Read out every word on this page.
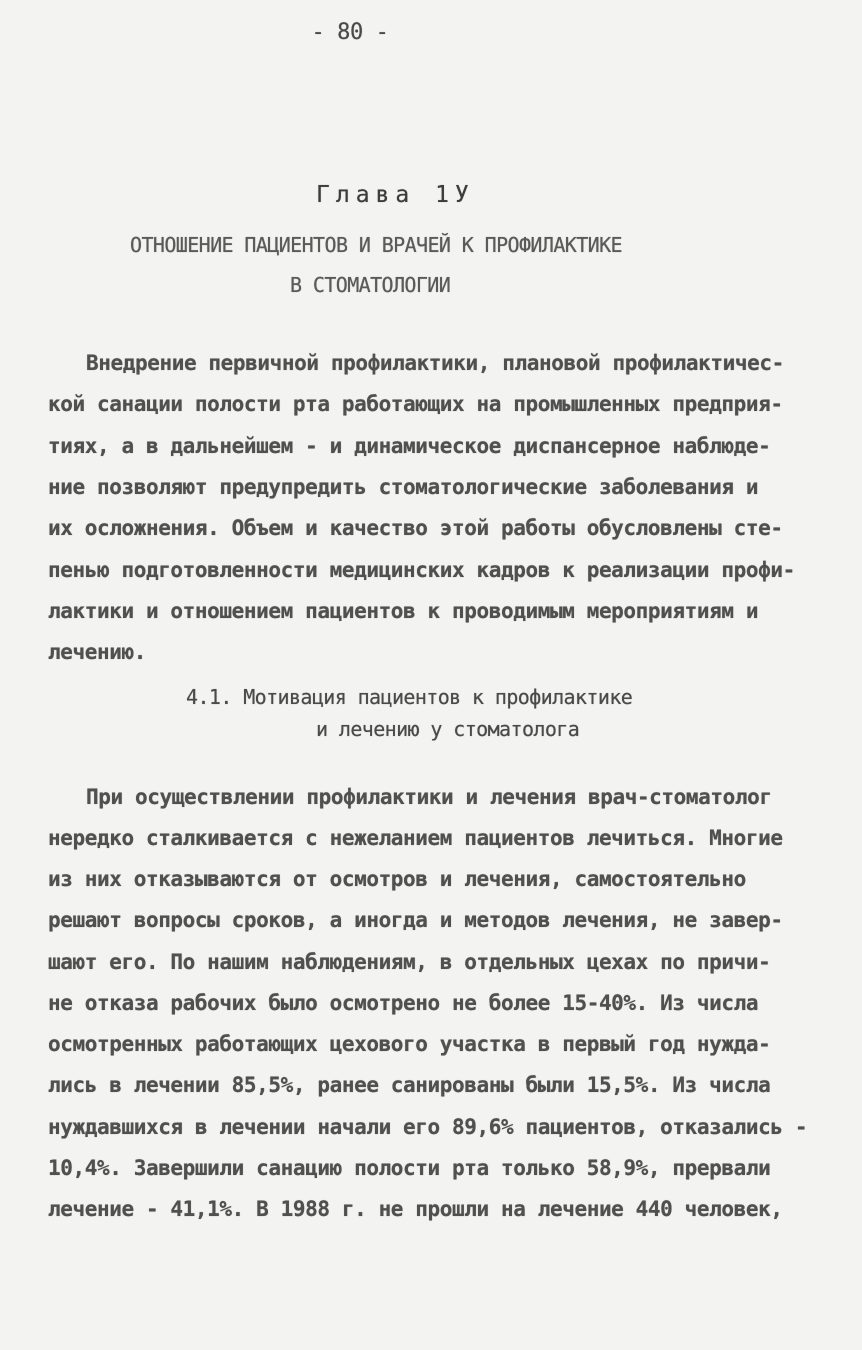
- 80 -
Глава 1У
ОТНОШЕНИЕ ПАЦИЕНТОВ И ВРАЧЕЙ К ПРОФИЛАКТИКЕ
В СТОМАТОЛОГИИ
Внедрение первичной профилактики, плановой профилактичес-
кой санации полости рта работающих на промышленных предприя-
тиях, а в дальнейшем - и динамическое диспансерное наблюде-
ние позволяют предупредить стоматологические заболевания и
их осложнения. Объем и качество этой работы обусловлены сте-
пенью подготовленности медицинских кадров к реализации профи-
лактики и отношением пациентов к проводимым мероприятиям и
лечению.
4.1. Мотивация пациентов к профилактике
и лечению у стоматолога
При осуществлении профилактики и лечения врач-стоматолог
нередко сталкивается с нежеланием пациентов лечиться. Многие
из них отказываются от осмотров и лечения, самостоятельно
решают вопросы сроков, а иногда и методов лечения, не завер-
шают его. По нашим наблюдениям, в отдельных цехах по причи-
не отказа рабочих было осмотрено не более 15-40%. Из числа
осмотренных работающих цехового участка в первый год нужда-
лись в лечении 85,5%, ранее санированы были 15,5%. Из числа
нуждавшихся в лечении начали его 89,6% пациентов, отказались -
10,4%. Завершили санацию полости рта только 58,9%, прервали
лечение - 41,1%. В 1988 г. не прошли на лечение 440 человек,
